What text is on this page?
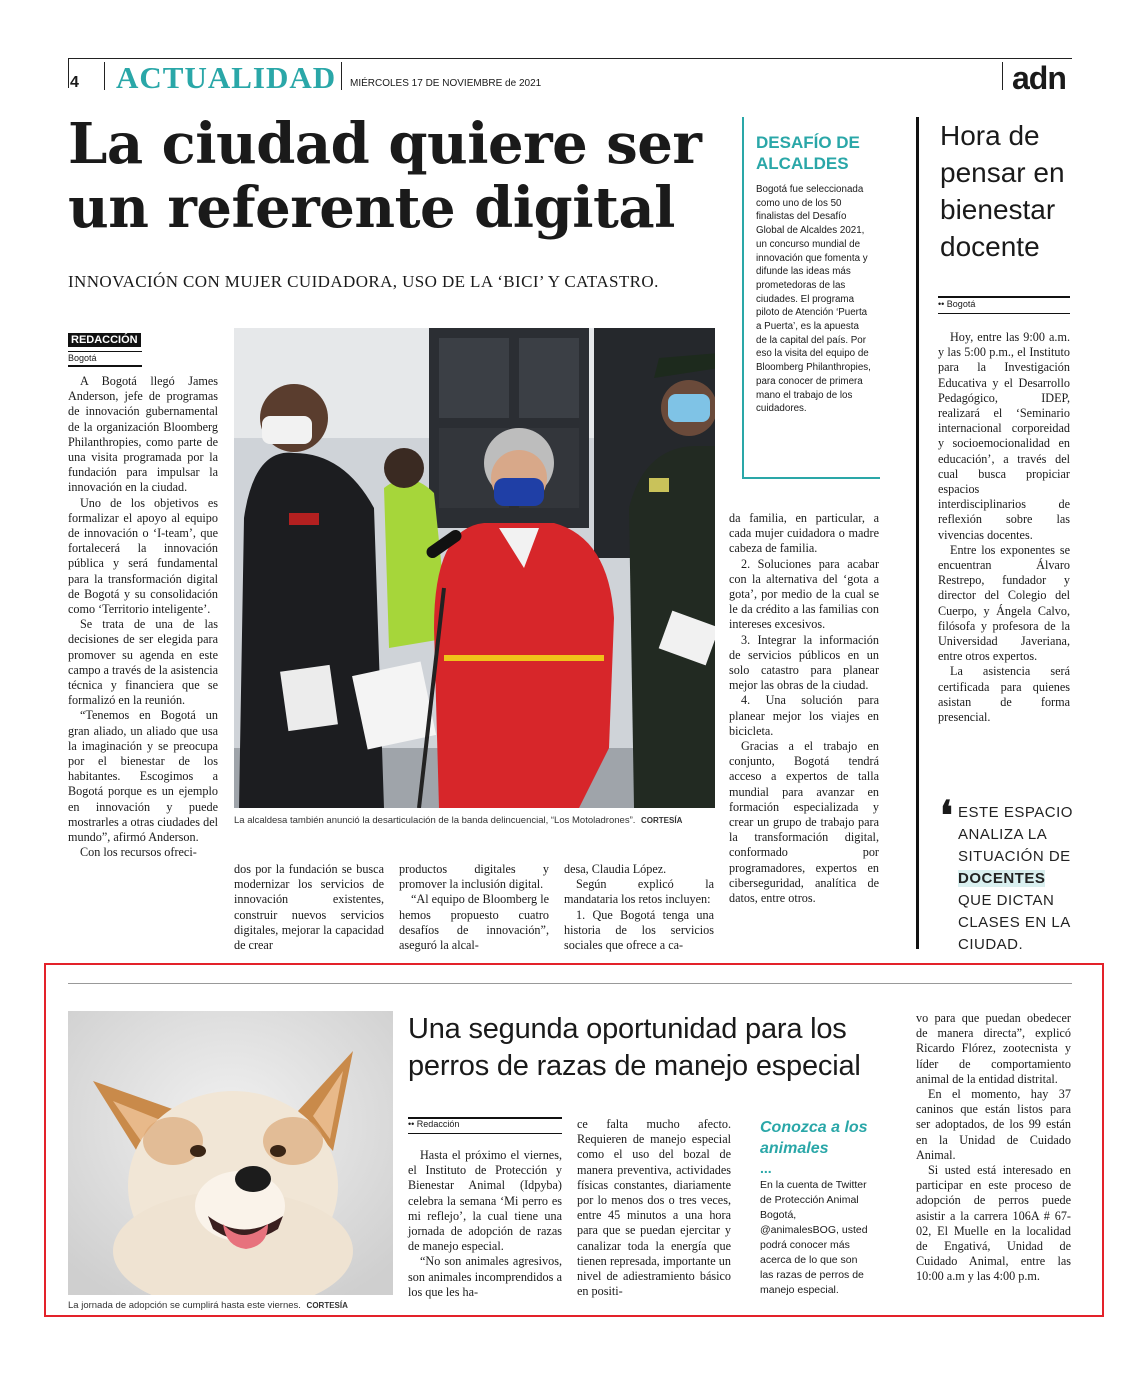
4 ACTUALIDAD MIÉRCOLES 17 DE NOVIEMBRE de 2021	adn
La ciudad quiere ser
un referente digital
INNOVACIÓN CON MUJER CUIDADORA, USO DE LA ‘BICI’ Y CATASTRO.
REDACCIÓN
Bogotá

A Bogotá llegó James Anderson, jefe de programas de innovación gubernamental de la organización Bloomberg Philanthropies, como parte de una visita programada por la fundación para impulsar la innovación en la ciudad.

Uno de los objetivos es formalizar el apoyo al equipo de innovación o ‘I-team’, que fortalecerá la innovación pública y será fundamental para la transformación digital de Bogotá y su consolidación como ‘Territorio inteligente’.

Se trata de una de las decisiones de ser elegida para promover su agenda en este campo a través de la asistencia técnica y financiera que se formalizó en la reunión.

“Tenemos en Bogotá un gran aliado, un aliado que usa la imaginación y se preocupa por el bienestar de los habitantes. Escogimos a Bogotá porque es un ejemplo en innovación y puede mostrarles a otras ciudades del mundo”, afirmó Anderson.

Con los recursos ofreci-

La alcaldesa también anunció la desarticulación de la banda delincuencial, “Los Motoladrones”. CORTESÍA

dos por la fundación se busca modernizar los servicios de innovación existentes, construir nuevos servicios digitales, mejorar la capacidad de crear

productos digitales y promover la inclusión digital.

“Al equipo de Bloomberg le hemos propuesto cuatro desafíos de innovación”, aseguró la alcal-

desa, Claudia López.

Según explicó la mandataria los retos incluyen:

1. Que Bogotá tenga una historia de los servicios sociales que ofrece a ca-

da familia, en particular, a cada mujer cuidadora o madre cabeza de familia.

2. Soluciones para acabar con la alternativa del ‘gota a gota’, por medio de la cual se le da crédito a las familias con intereses excesivos.

3. Integrar la información de servicios públicos en un solo catastro para planear mejor las obras de la ciudad.

4. Una solución para planear mejor los viajes en bicicleta.

Gracias a el trabajo en conjunto, Bogotá tendrá acceso a expertos de talla mundial para avanzar en formación especializada y crear un grupo de trabajo para la transformación digital, conformado por programadores, expertos en ciberseguridad, analítica de datos, entre otros.

DESAFÍO DE ALCALDES
Bogotá fue seleccionada como uno de los 50 finalistas del Desafío Global de Alcaldes 2021, un concurso mundial de innovación que fomenta y difunde las ideas más prometedoras de las ciudades. El programa piloto de Atención ‘Puerta a Puerta’, es la apuesta de la capital del país. Por eso la visita del equipo de Bloomberg Philanthropies, para conocer de primera mano el trabajo de los cuidadores.
Hora de pensar en bienestar docente
•• Bogotá

Hoy, entre las 9:00 a.m. y las 5:00 p.m., el Instituto para la Investigación Educativa y el Desarrollo Pedagógico, IDEP, realizará el ‘Seminario internacional corporeidad y socioemocionalidad en educación’, a través del cual busca propiciar espacios interdisciplinarios de reflexión sobre las vivencias docentes.

Entre los exponentes se encuentran Álvaro Restrepo, fundador y director del Colegio del Cuerpo, y Ángela Calvo, filósofa y profesora de la Universidad Javeriana, entre otros expertos.

La asistencia será certificada para quienes asistan de forma presencial.

❛ ESTE ESPACIO ANALIZA LA SITUACIÓN DE DOCENTES QUE DICTAN CLASES EN LA CIUDAD.
La jornada de adopción se cumplirá hasta este viernes. CORTESÍA
Una segunda oportunidad para los perros de razas de manejo especial
•• Redacción

Hasta el próximo el viernes, el Instituto de Protección y Bienestar Animal (Idpyba) celebra la semana ‘Mi perro es mi reflejo’, la cual tiene una jornada de adopción de razas de manejo especial.

“No son animales agresivos, son animales incomprendidos a los que les ha-

ce falta mucho afecto. Requieren de manejo especial como el uso del bozal de manera preventiva, actividades físicas constantes, diariamente por lo menos dos o tres veces, entre 45 minutos a una hora para que se puedan ejercitar y canalizar toda la energía que tienen represada, importante un nivel de adiestramiento básico en positi-

Conozca a los animales
...
En la cuenta de Twitter de Protección Animal Bogotá, @animalesBOG, usted podrá conocer más acerca de lo que son las razas de perros de manejo especial.

vo para que puedan obedecer de manera directa”, explicó Ricardo Flórez, zootecnista y líder de comportamiento animal de la entidad distrital.

En el momento, hay 37 caninos que están listos para ser adoptados, de los 99 están en la Unidad de Cuidado Animal.

Si usted está interesado en participar en este proceso de adopción de perros puede asistir a la carrera 106A # 67-02, El Muelle en la localidad de Engativá, Unidad de Cuidado Animal, entre las 10:00 a.m y las 4:00 p.m.
